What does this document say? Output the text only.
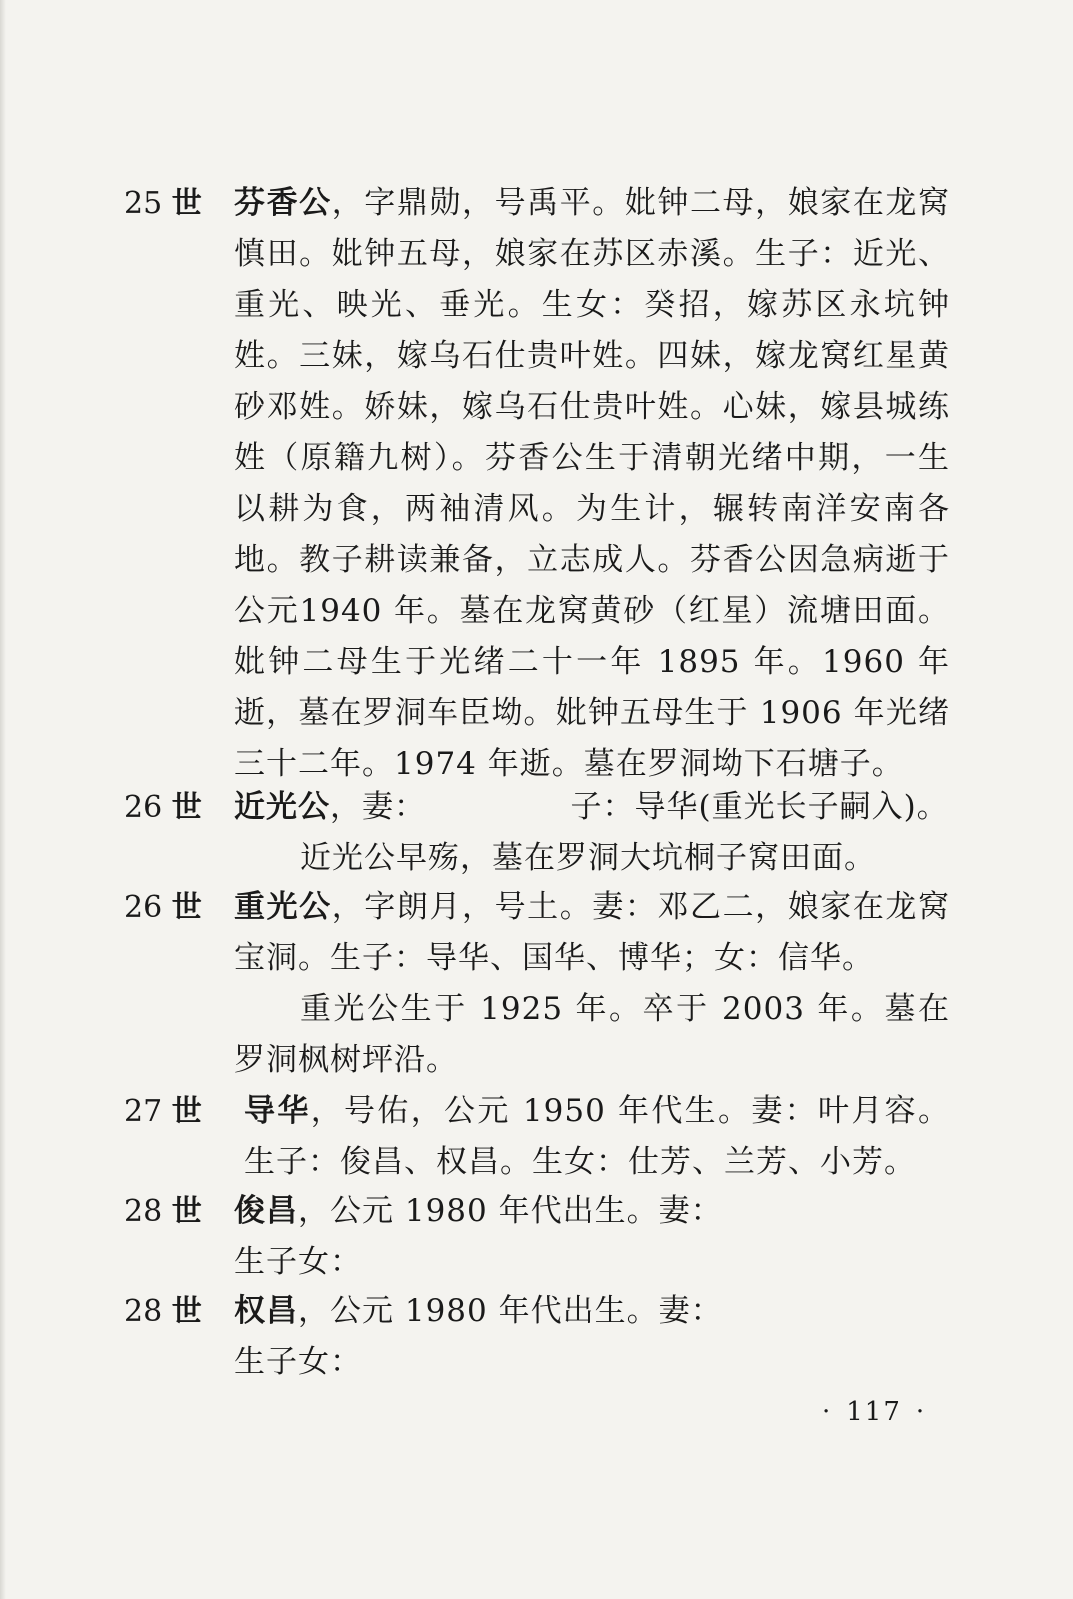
25 世 芬香公，字鼎勋，号禹平。妣钟二母，娘家在龙窝慎田。妣钟五母，娘家在苏区赤溪。生子：近光、重光、映光、垂光。生女：癸招，嫁苏区永坑钟姓。三妹，嫁乌石仕贵叶姓。四妹，嫁龙窝红星黄砂邓姓。娇妹，嫁乌石仕贵叶姓。心妹，嫁县城练姓（原籍九树）。芬香公生于清朝光绪中期，一生以耕为食，两袖清风。为生计，辗转南洋安南各地。教子耕读兼备，立志成人。芬香公因急病逝于公元1940 年。墓在龙窝黄砂（红星）流塘田面。妣钟二母生于光绪二十一年 1895 年。1960 年逝，墓在罗洞车臣坳。妣钟五母生于 1906 年光绪三十二年。1974 年逝。墓在罗洞坳下石塘子。
26 世 近光公，妻：　　　　　子：导华(重光长子嗣入)。
近光公早殇，墓在罗洞大坑桐子窝田面。
26 世 重光公，字朗月，号土。妻：邓乙二，娘家在龙窝宝洞。生子：导华、国华、博华；女：信华。
重光公生于 1925 年。卒于 2003 年。墓在罗洞枫树坪沿。
27 世 导华，号佑，公元 1950 年代生。妻：叶月容。生子：俊昌、权昌。生女：仕芳、兰芳、小芳。
28 世 俊昌，公元 1980 年代出生。妻：
生子女：
28 世 权昌，公元 1980 年代出生。妻：
生子女：
· 117 ·
